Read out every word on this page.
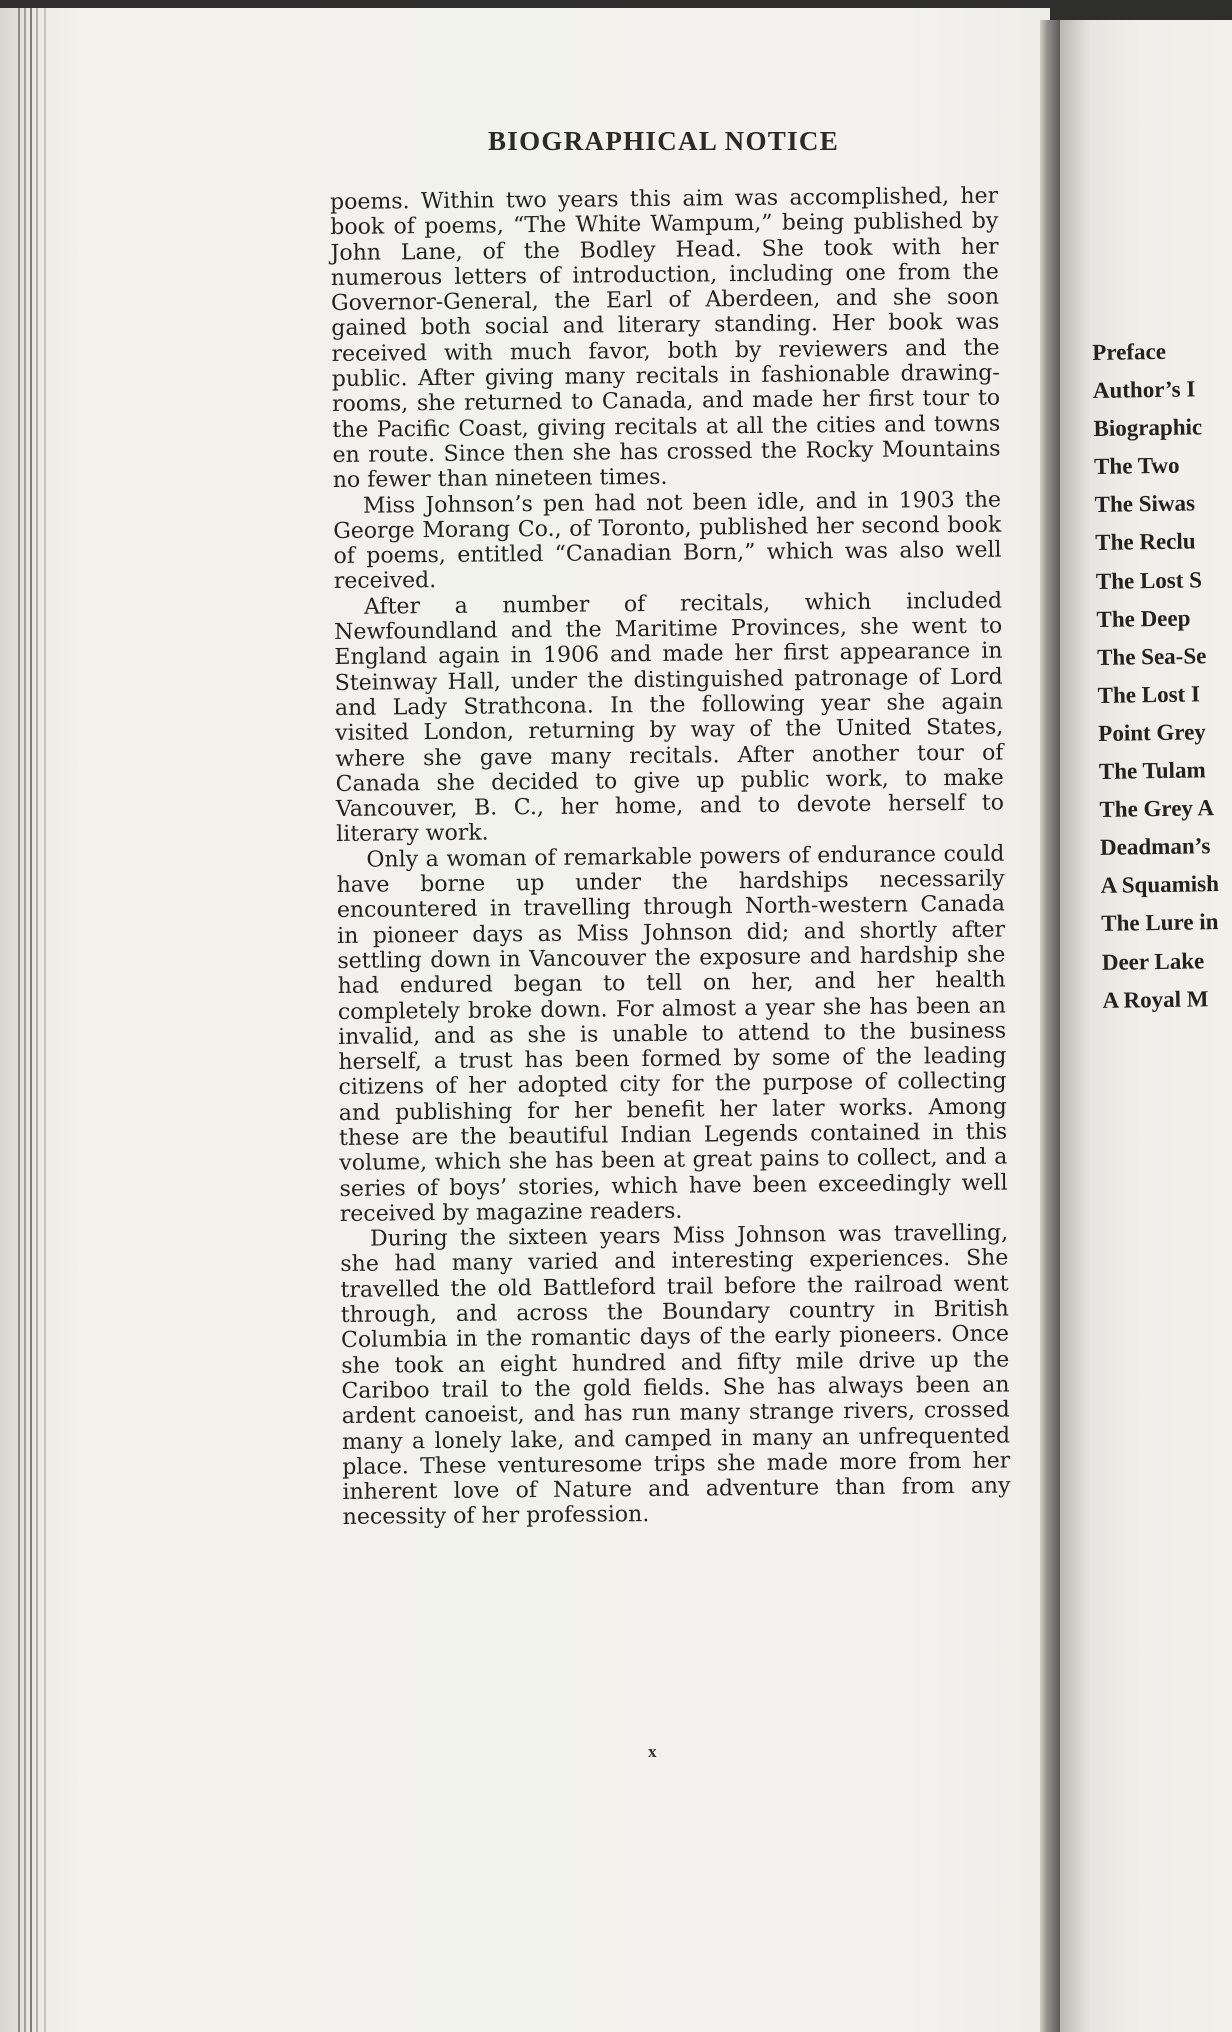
BIOGRAPHICAL NOTICE

poems. Within two years this aim was accomplished, her book of poems, “The White Wampum,” being published by John Lane, of the Bodley Head. She took with her numerous letters of introduction, including one from the Governor-General, the Earl of Aberdeen, and she soon gained both social and literary standing. Her book was received with much favor, both by reviewers and the public. After giving many recitals in fashionable drawing-rooms, she returned to Canada, and made her first tour to the Pacific Coast, giving recitals at all the cities and towns en route. Since then she has crossed the Rocky Mountains no fewer than nineteen times.

Miss Johnson’s pen had not been idle, and in 1903 the George Morang Co., of Toronto, published her second book of poems, entitled “Canadian Born,” which was also well received.

After a number of recitals, which included Newfoundland and the Maritime Provinces, she went to England again in 1906 and made her first appearance in Steinway Hall, under the distinguished patronage of Lord and Lady Strathcona. In the following year she again visited London, returning by way of the United States, where she gave many recitals. After another tour of Canada she decided to give up public work, to make Vancouver, B. C., her home, and to devote herself to literary work.

Only a woman of remarkable powers of endurance could have borne up under the hardships necessarily encountered in travelling through North-western Canada in pioneer days as Miss Johnson did; and shortly after settling down in Vancouver the exposure and hardship she had endured began to tell on her, and her health completely broke down. For almost a year she has been an invalid, and as she is unable to attend to the business herself, a trust has been formed by some of the leading citizens of her adopted city for the purpose of collecting and publishing for her benefit her later works. Among these are the beautiful Indian Legends contained in this volume, which she has been at great pains to collect, and a series of boys’ stories, which have been exceedingly well received by magazine readers.

During the sixteen years Miss Johnson was travelling, she had many varied and interesting experiences. She travelled the old Battleford trail before the railroad went through, and across the Boundary country in British Columbia in the romantic days of the early pioneers. Once she took an eight hundred and fifty mile drive up the Cariboo trail to the gold fields. She has always been an ardent canoeist, and has run many strange rivers, crossed many a lonely lake, and camped in many an unfrequented place. These venturesome trips she made more from her inherent love of Nature and adventure than from any necessity of her profession.

x
Preface
Author’s I
Biographic
The Two
The Siwas
The Reclu
The Lost S
The Deep
The Sea-Se
The Lost I
Point Grey
The Tulam
The Grey A
Deadman’s
A Squamish
The Lure in
Deer Lake
A Royal M
